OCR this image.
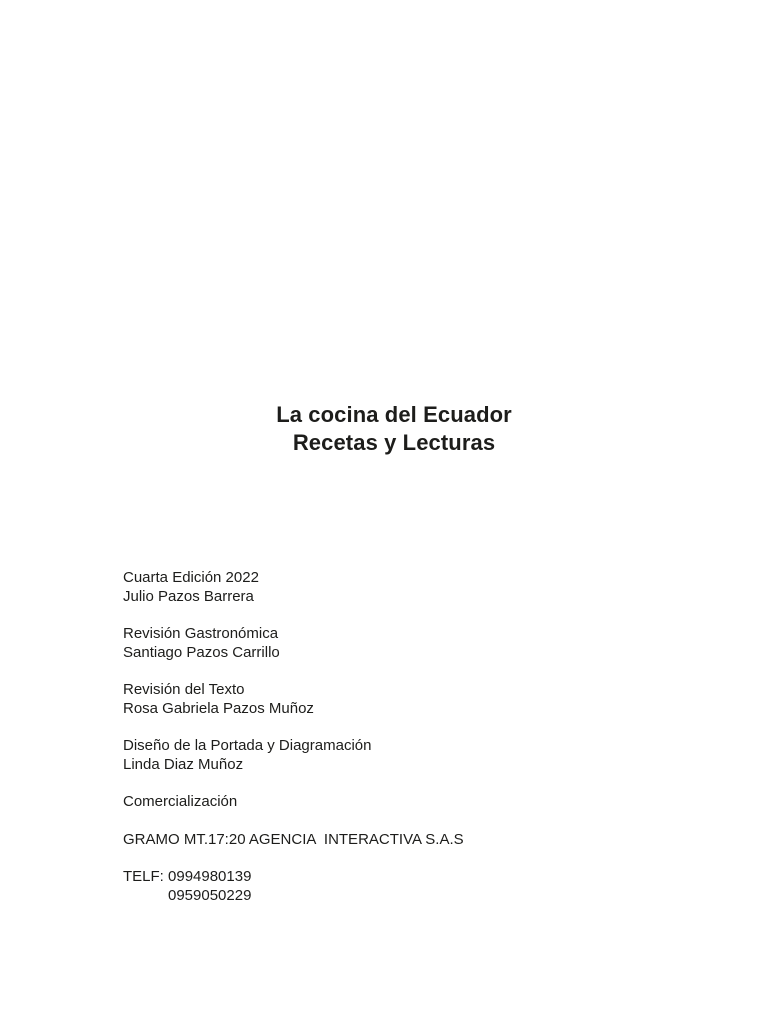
La cocina del Ecuador

Recetas y Lecturas

Cuarta Edición 2022
Julio Pazos Barrera
Revisión Gastronómica
Santiago Pazos Carrillo
Revisión del Texto
Rosa Gabriela Pazos Muñoz
Diseño de la Portada y Diagramación
Linda Diaz Muñoz
Comercialización
GRAMO MT.17:20 AGENCIA  INTERACTIVA S.A.S
TELF: 0994980139
0959050229
